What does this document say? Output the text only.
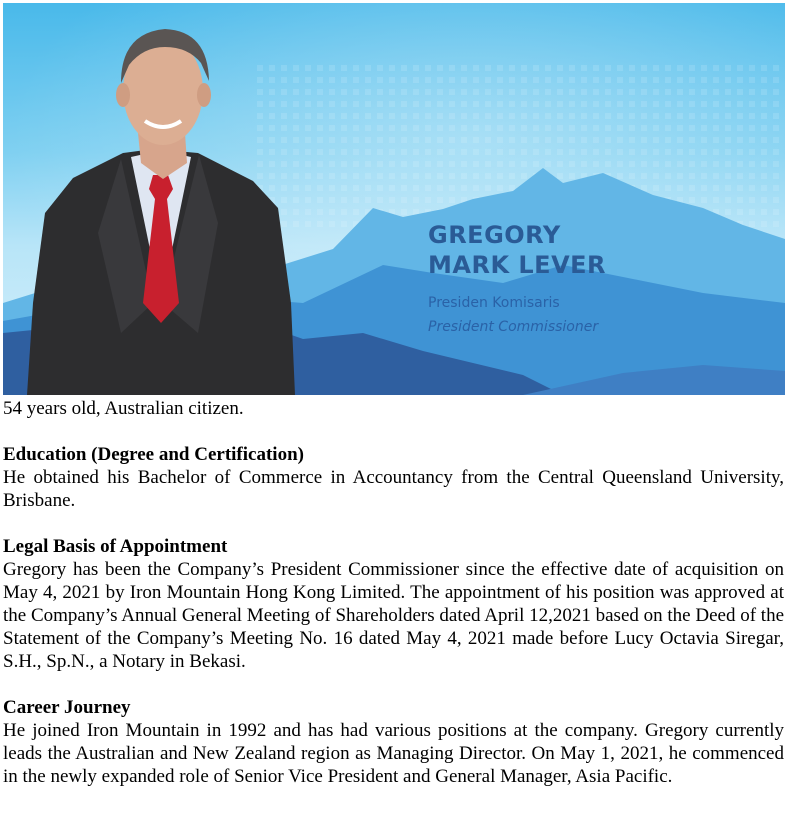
GREGORY
MARK LEVER
Presiden Komisaris
President Commissioner

54 years old, Australian citizen.

Education (Degree and Certification)

He obtained his Bachelor of Commerce in Accountancy from the Central Queensland University, Brisbane.

Legal Basis of Appointment

Gregory has been the Company’s President Commissioner since the effective date of acquisition on May 4, 2021 by Iron Mountain Hong Kong Limited. The appointment of his position was approved at the Company’s Annual General Meeting of Shareholders dated April 12,2021 based on the Deed of the Statement of the Company’s Meeting No. 16 dated May 4, 2021 made before Lucy Octavia Siregar, S.H., Sp.N., a Notary in Bekasi.

Career Journey

He joined Iron Mountain in 1992 and has had various positions at the company. Gregory currently leads the Australian and New Zealand region as Managing Director. On May 1, 2021, he commenced in the newly expanded role of Senior Vice President and General Manager, Asia Pacific.
